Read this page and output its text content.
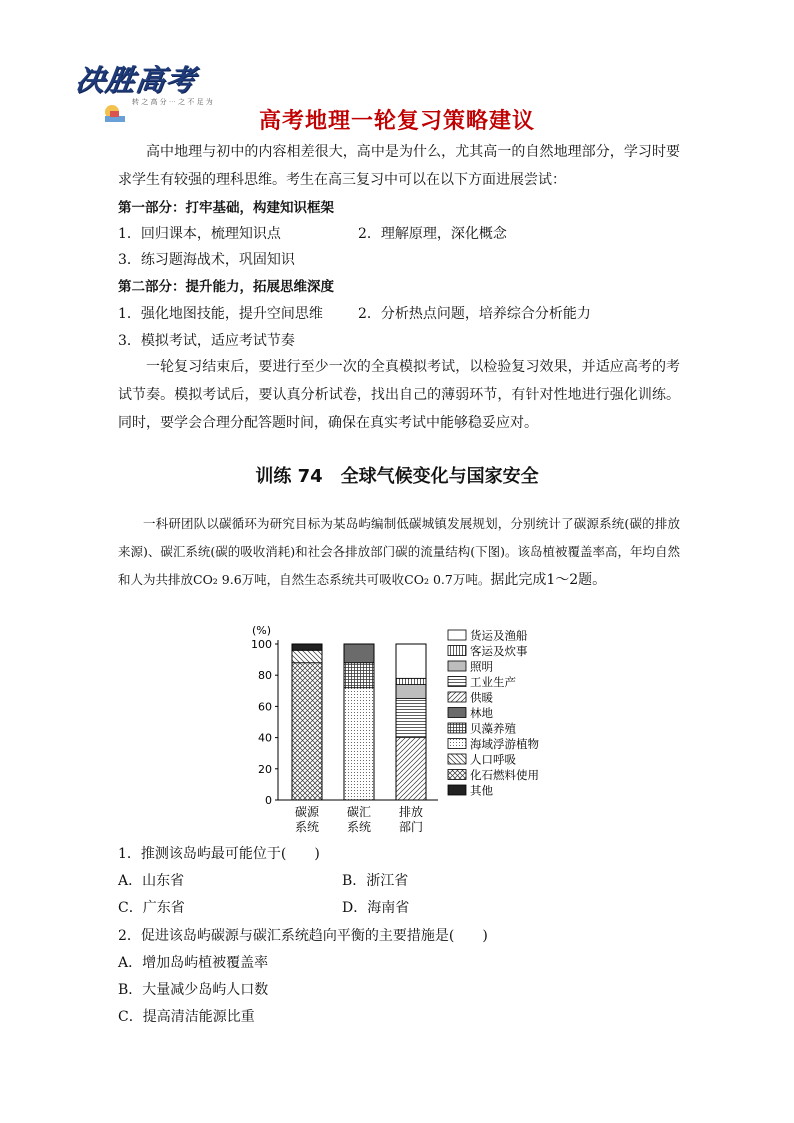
决胜高考
转 之 高 分 ⋯ 之 不 足 为
高考地理一轮复习策略建议

高中地理与初中的内容相差很大，高中是为什么，尤其高一的自然地理部分，学习时要求学生有较强的理科思维。考生在高三复习中可以在以下方面进展尝试：

第一部分：打牢基础，构建知识框架
1．回归课本，梳理知识点	2．理解原理，深化概念
3．练习题海战术，巩固知识
第二部分：提升能力，拓展思维深度
1．强化地图技能，提升空间思维	2．分析热点问题，培养综合分析能力
3．模拟考试，适应考试节奏

一轮复习结束后，要进行至少一次的全真模拟考试，以检验复习效果，并适应高考的考试节奏。模拟考试后，要认真分析试卷，找出自己的薄弱环节，有针对性地进行强化训练。同时，要学会合理分配答题时间，确保在真实考试中能够稳妥应对。

训练 74　全球气候变化与国家安全

一科研团队以碳循环为研究目标为某岛屿编制低碳城镇发展规划，分别统计了碳源系统(碳的排放来源)、碳汇系统(碳的吸收消耗)和社会各排放部门碳的流量结构(下图)。该岛植被覆盖率高，年均自然和人为共排放CO₂ 9.6万吨，自然生态系统共可吸收CO₂ 0.7万吨。据此完成1～2题。

(%)
0
20
40
60
80
100
碳源
系统
碳汇
系统
排放
部门
货运及渔船
客运及炊事
照明
工业生产
供暖
林地
贝藻养殖
海域浮游植物
人口呼吸
化石燃料使用
其他
1．推测该岛屿最可能位于(　　)
A．山东省	B．浙江省
C．广东省	D．海南省
2．促进该岛屿碳源与碳汇系统趋向平衡的主要措施是(　　)
A．增加岛屿植被覆盖率
B．大量减少岛屿人口数
C．提高清洁能源比重
